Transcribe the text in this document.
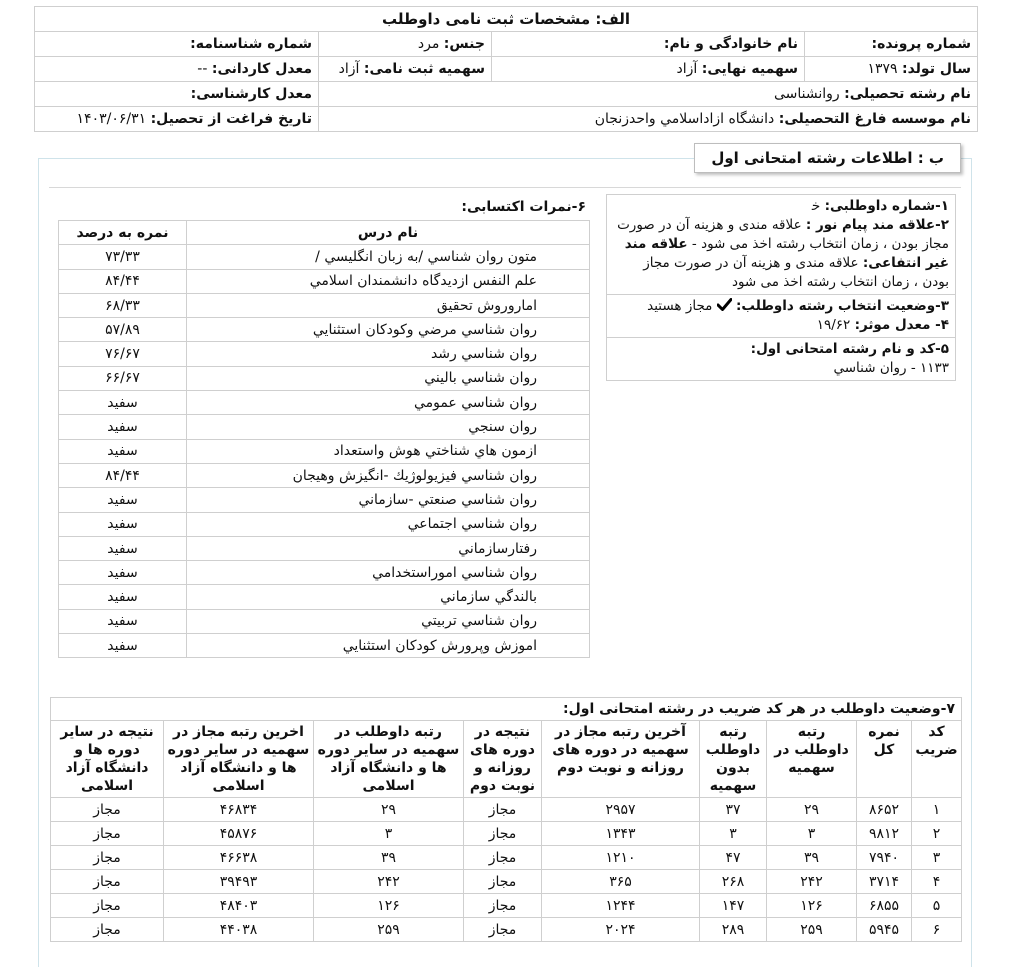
الف: مشخصات ثبت نامی داوطلب			
شماره پرونده:	نام خانوادگی و نام:	جنس: مرد	شماره شناسنامه:
سال تولد: ۱۳۷۹	سهمیه نهایی: آزاد	سهمیه ثبت نامی: آزاد	معدل کاردانی: --
نام رشته تحصیلی: روانشناسی			معدل کارشناسی:
نام موسسه فارغ التحصیلی: دانشگاه ازاداسلامي واحدزنجان			تاریخ فراغت از تحصیل: ۱۴۰۳/۰۶/۳۱
ب : اطلاعات رشته امتحانی اول
۱-شماره داوطلبی: ﺧ
۲-علاقه مند پیام نور : علاقه مندی و هزینه آن در صورت مجاز بودن ، زمان انتخاب رشته اخذ می شود - علاقه مند غیر انتفاعی: علاقه مندی و هزینه آن در صورت مجاز بودن ، زمان انتخاب رشته اخذ می شود
۳-وضعیت انتخاب رشته داوطلب:  مجاز هستید
۴- معدل موثر: ۱۹/۶۲
۵-کد و نام رشته امتحانی اول:
۱۱۳۳ - روان شناسي
۶-نمرات اکتسابی:
نام درس	نمره به درصد
متون روان شناسي /به زبان انگليسي /	۷۳/۳۳
علم النفس ازديدگاه دانشمندان اسلامي	۸۴/۴۴
امارو‌روش تحقيق	۶۸/۳۳
روان شناسي مرضي وكودكان استثنايي	۵۷/۸۹
روان شناسي رشد	۷۶/۶۷
روان شناسي باليني	۶۶/۶۷
روان شناسي عمومي	سفيد
روان سنجي	سفيد
ازمون هاي شناختي هوش واستعداد	سفيد
روان شناسي فيزيولوژيك -انگيزش وهيجان	۸۴/۴۴
روان شناسي صنعتي -سازماني	سفيد
روان شناسي اجتماعي	سفيد
رفتارسازماني	سفيد
روان شناسي اموراستخدامي	سفيد
بالندگي سازماني	سفيد
روان شناسي تربيتي	سفيد
اموزش وپرورش كودكان استثنايي	سفيد
۷-وضعیت داوطلب در هر کد ضریب در رشته امتحانی اول:
کد ضریب	نمره کل	رتبه داوطلب در سهمیه	رتبه داوطلب بدون سهمیه	آخرین رتبه مجاز در سهمیه در دوره های روزانه و نوبت دوم	نتیجه در دوره های روزانه و نوبت دوم	رتبه داوطلب در سهمیه در سایر دوره ها و دانشگاه آزاد اسلامی	اخرین رتبه مجاز در سهمیه در سایر دوره ها و دانشگاه آزاد اسلامی	نتیجه در سایر دوره ها و دانشگاه آزاد اسلامی
۱	۸۶۵۲	۲۹	۳۷	۲۹۵۷	مجاز	۲۹	۴۶۸۳۴	مجاز
۲	۹۸۱۲	۳	۳	۱۳۴۳	مجاز	۳	۴۵۸۷۶	مجاز
۳	۷۹۴۰	۳۹	۴۷	۱۲۱۰	مجاز	۳۹	۴۶۶۳۸	مجاز
۴	۳۷۱۴	۲۴۲	۲۶۸	۳۶۵	مجاز	۲۴۲	۳۹۴۹۳	مجاز
۵	۶۸۵۵	۱۲۶	۱۴۷	۱۲۴۴	مجاز	۱۲۶	۴۸۴۰۳	مجاز
۶	۵۹۴۵	۲۵۹	۲۸۹	۲۰۲۴	مجاز	۲۵۹	۴۴۰۳۸	مجاز
